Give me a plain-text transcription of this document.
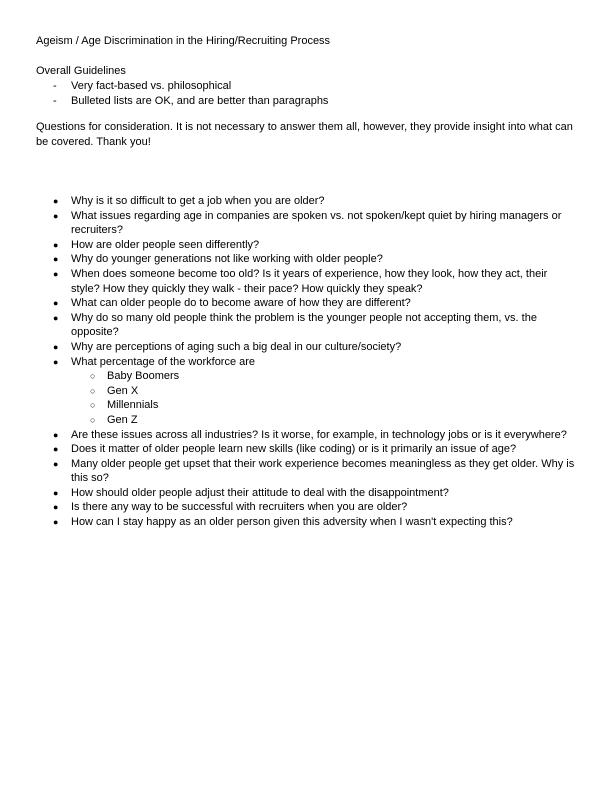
Ageism / Age Discrimination in the Hiring/Recruiting Process
Overall Guidelines
- Very fact-based vs. philosophical
- Bulleted lists are OK, and are better than paragraphs
Questions for consideration. It is not necessary to answer them all, however, they provide insight into what can be covered. Thank you!
● Why is it so difficult to get a job when you are older?
● What issues regarding age in companies are spoken vs. not spoken/kept quiet by hiring managers or recruiters?
● How are older people seen differently?
● Why do younger generations not like working with older people?
● When does someone become too old? Is it years of experience, how they look, how they act, their style? How they quickly they walk - their pace? How quickly they speak?
● What can older people do to become aware of how they are different?
● Why do so many old people think the problem is the younger people not accepting them, vs. the opposite?
● Why are perceptions of aging such a big deal in our culture/society?
● What percentage of the workforce are
○ Baby Boomers
○ Gen X
○ Millennials
○ Gen Z
● Are these issues across all industries? Is it worse, for example, in technology jobs or is it everywhere?
● Does it matter of older people learn new skills (like coding) or is it primarily an issue of age?
● Many older people get upset that their work experience becomes meaningless as they get older. Why is this so?
● How should older people adjust their attitude to deal with the disappointment?
● Is there any way to be successful with recruiters when you are older?
● How can I stay happy as an older person given this adversity when I wasn't expecting this?
